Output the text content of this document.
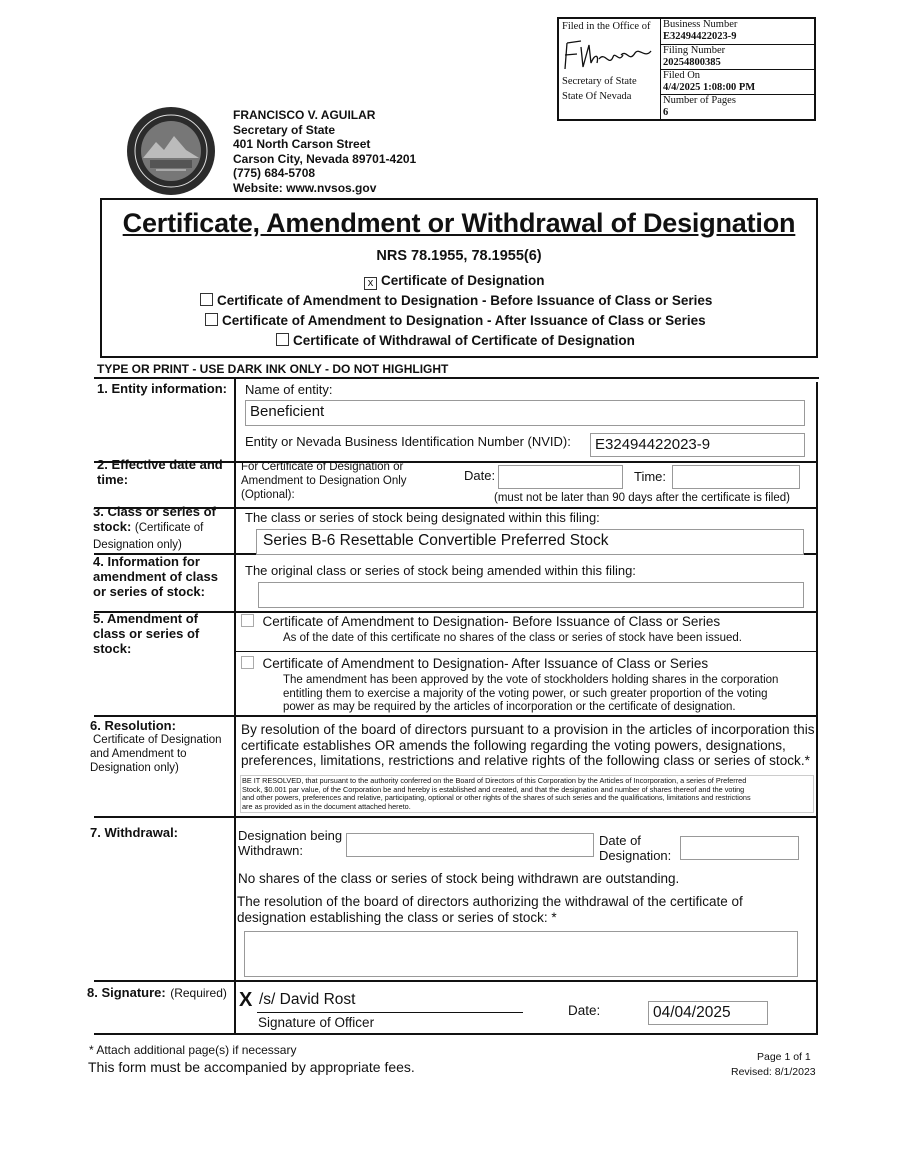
Filed in the Office of
Secretary of State
State Of Nevada
Business Number
E32494422023-9
Filing Number
20254800385
Filed On
4/4/2025 1:08:00 PM
Number of Pages
6
FRANCISCO V. AGUILAR
Secretary of State
401 North Carson Street
Carson City, Nevada 89701-4201
(775) 684-5708
Website: www.nvsos.gov
Certificate, Amendment or Withdrawal of Designation
NRS 78.1955, 78.1955(6)
x Certificate of Designation
Certificate of Amendment to Designation - Before Issuance of Class or Series
Certificate of Amendment to Designation - After Issuance of Class or Series
Certificate of Withdrawal of Certificate of Designation
TYPE OR PRINT - USE DARK INK ONLY - DO NOT HIGHLIGHT
1. Entity information: Name of entity:
Beneficient
Entity or Nevada Business Identification Number (NVID):	E32494422023-9
2. Effective date and time:
For Certificate of Designation or
Amendment to Designation Only
(Optional):
Date:	Time:
(must not be later than 90 days after the certificate is filed)
3. Class or series of
stock: (Certificate of
Designation only)
The class or series of stock being designated within this filing:
Series B-6 Resettable Convertible Preferred Stock
4. Information for
amendment of class
or series of stock:
The original class or series of stock being amended within this filing:
5. Amendment of
class or series of
stock:
Certificate of Amendment to Designation- Before Issuance of Class or Series
As of the date of this certificate no shares of the class or series of stock have been issued.
Certificate of Amendment to Designation- After Issuance of Class or Series
The amendment has been approved by the vote of stockholders holding shares in the corporation
entitling them to exercise a majority of the voting power, or such greater proportion of the voting
power as may be required by the articles of incorporation or the certificate of designation.
6. Resolution:
Certificate of Designation
and Amendment to
Designation only)
By resolution of the board of directors pursuant to a provision in the articles of incorporation this
certificate establishes OR amends the following regarding the voting powers, designations,
preferences, limitations, restrictions and relative rights of the following class or series of stock.*
BE IT RESOLVED, that pursuant to the authority conferred on the Board of Directors of this Corporation by the Articles of Incorporation, a series of Preferred
Stock, $0.001 par value, of the Corporation be and hereby is established and created, and that the designation and number of shares thereof and the voting
and other powers, preferences and relative, participating, optional or other rights of the shares of such series and the qualifications, limitations and restrictions
are as provided as in the document attached hereto.
7. Withdrawal:	Designation being
Withdrawn:
Date of
Designation:
No shares of the class or series of stock being withdrawn are outstanding.
The resolution of the board of directors authorizing the withdrawal of the certificate of
designation establishing the class or series of stock: *
8. Signature: (Required) X /s/ David Rost
Signature of Officer
Date:	04/04/2025
* Attach additional page(s) if necessary
This form must be accompanied by appropriate fees.
Page 1 of 1
Revised: 8/1/2023
